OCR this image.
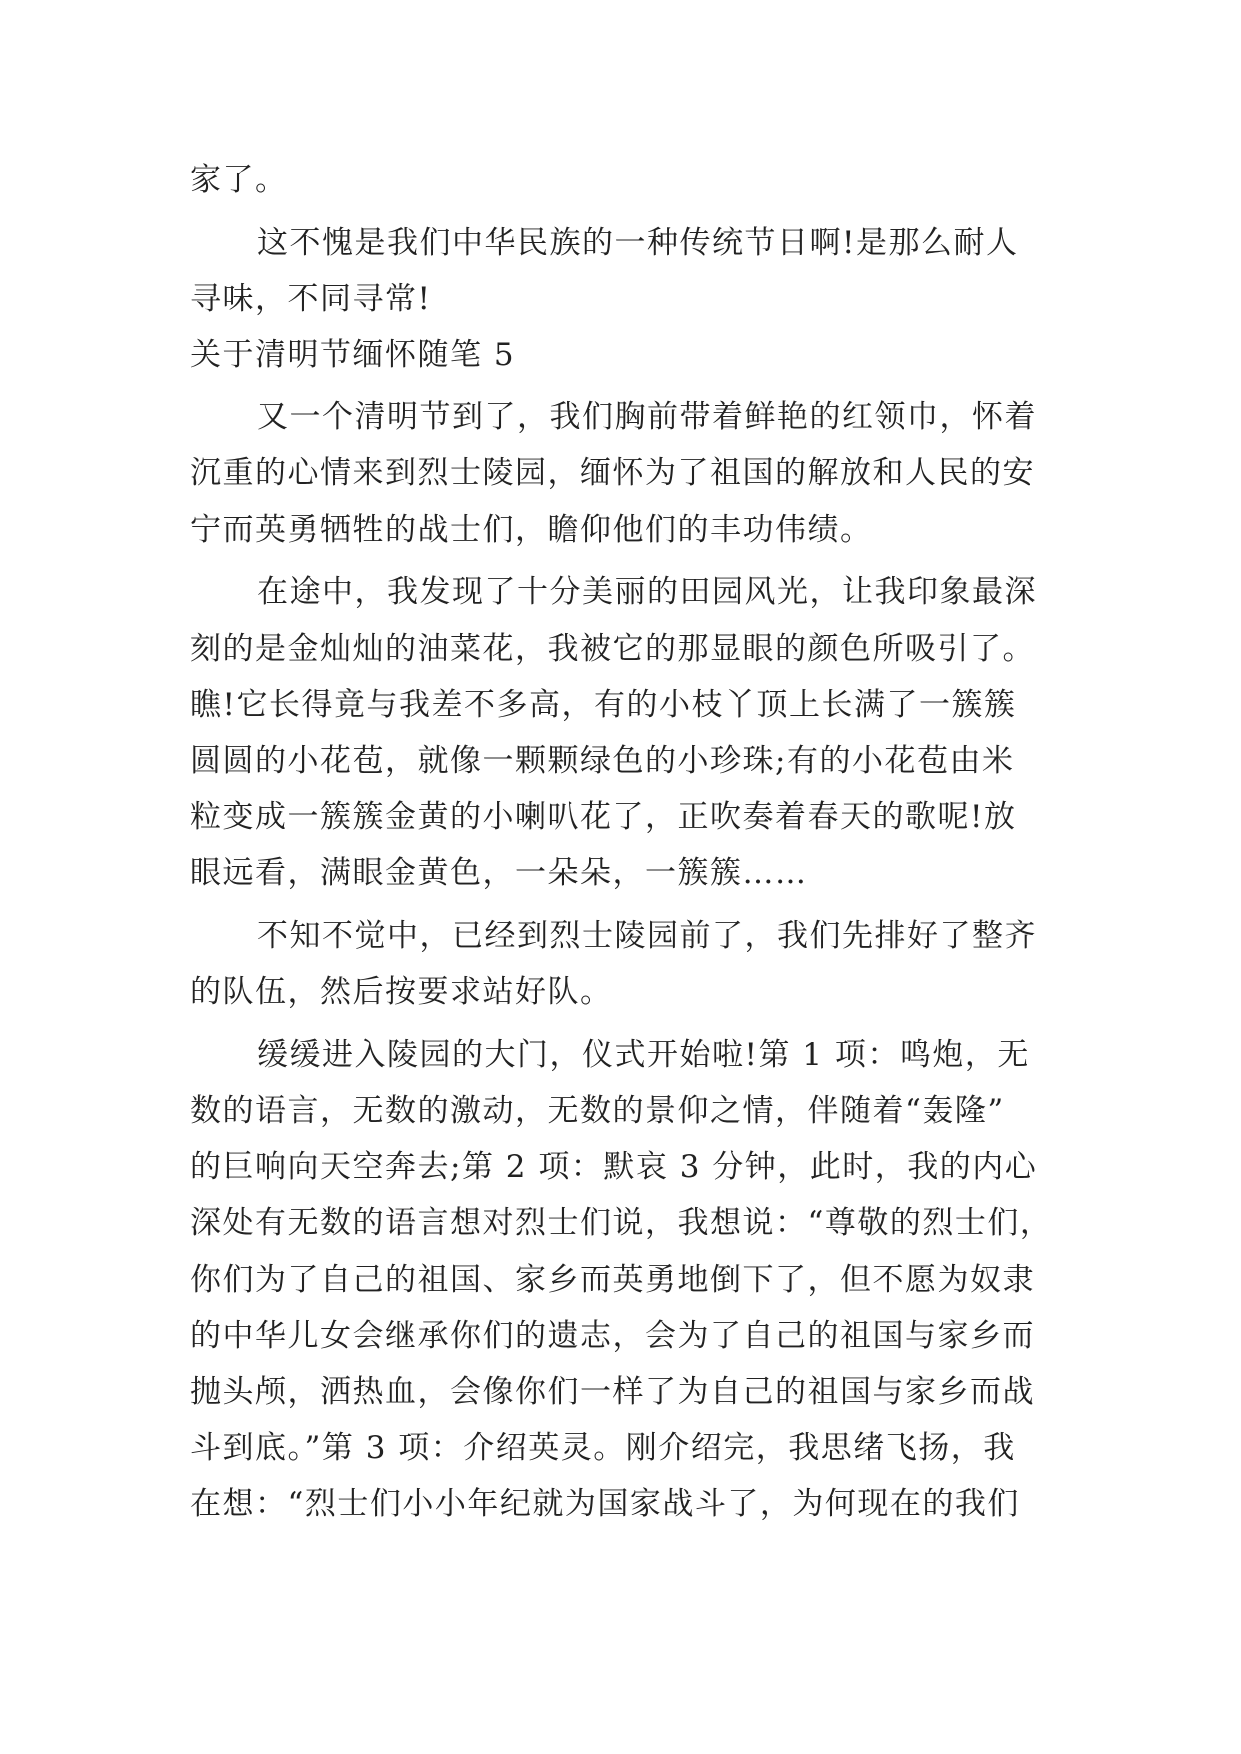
家了。
这不愧是我们中华民族的一种传统节日啊!是那么耐人
寻味，不同寻常!
关于清明节缅怀随笔 5
又一个清明节到了，我们胸前带着鲜艳的红领巾，怀着
沉重的心情来到烈士陵园，缅怀为了祖国的解放和人民的安
宁而英勇牺牲的战士们，瞻仰他们的丰功伟绩。
在途中，我发现了十分美丽的田园风光，让我印象最深
刻的是金灿灿的油菜花，我被它的那显眼的颜色所吸引了。
瞧!它长得竟与我差不多高，有的小枝丫顶上长满了一簇簇
圆圆的小花苞，就像一颗颗绿色的小珍珠;有的小花苞由米
粒变成一簇簇金黄的小喇叭花了，正吹奏着春天的歌呢!放
眼远看，满眼金黄色，一朵朵，一簇簇……
不知不觉中，已经到烈士陵园前了，我们先排好了整齐
的队伍，然后按要求站好队。
缓缓进入陵园的大门，仪式开始啦!第 1 项：鸣炮，无
数的语言，无数的激动，无数的景仰之情，伴随着“轰隆”
的巨响向天空奔去;第 2 项：默哀 3 分钟，此时，我的内心
深处有无数的语言想对烈士们说，我想说：“尊敬的烈士们，
你们为了自己的祖国、家乡而英勇地倒下了，但不愿为奴隶
的中华儿女会继承你们的遗志，会为了自己的祖国与家乡而
抛头颅，洒热血，会像你们一样了为自己的祖国与家乡而战
斗到底。”第 3 项：介绍英灵。刚介绍完，我思绪飞扬，我
在想：“烈士们小小年纪就为国家战斗了，为何现在的我们
